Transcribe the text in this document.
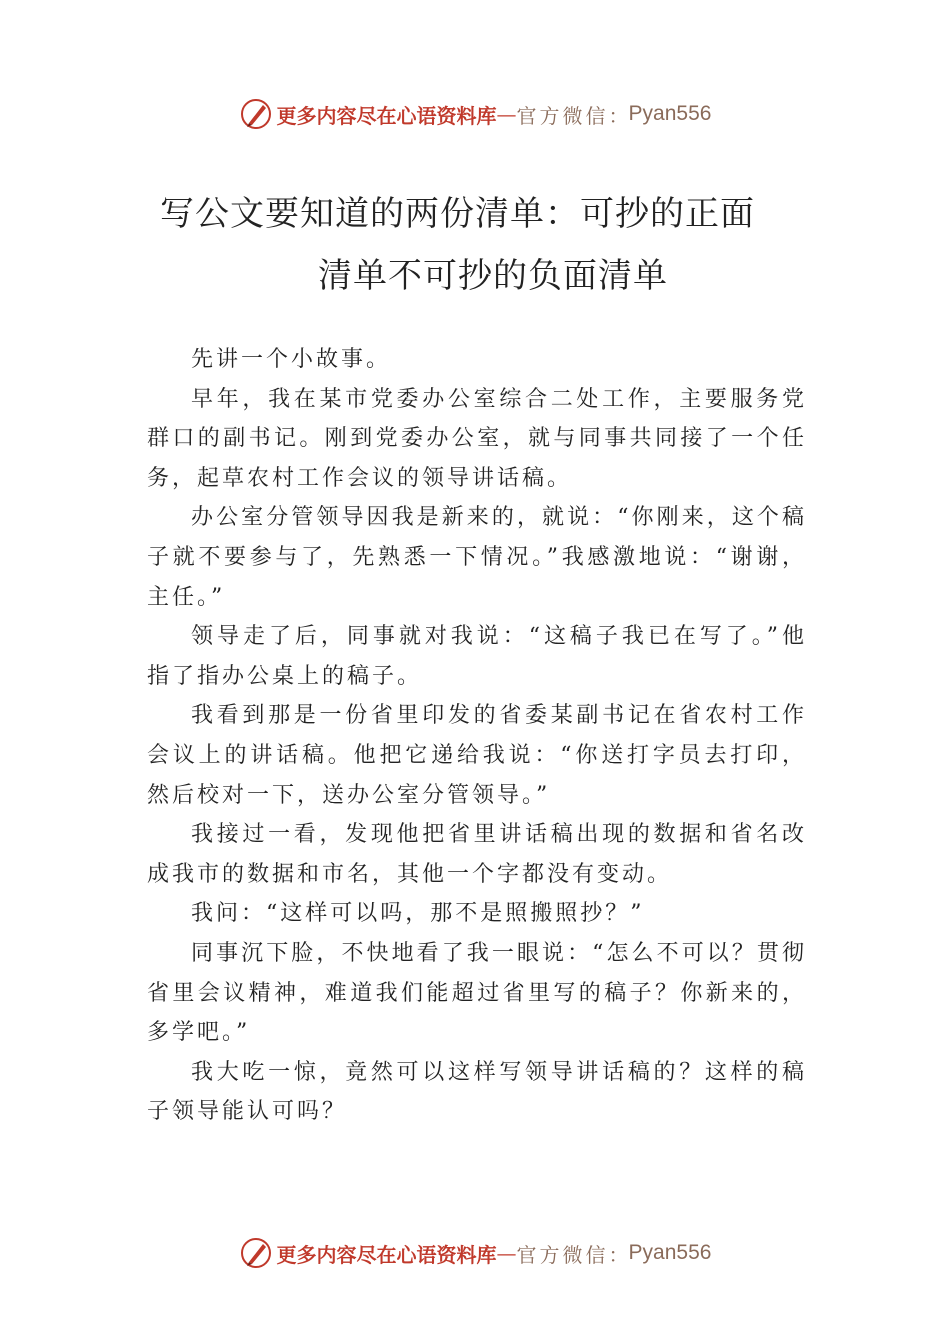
更多内容尽在心语资料库 — 官方微信 ： Pyan556
写公文要知道的两份清单：可抄的正面
清单不可抄的负面清单

先讲一个小故事。

早年，我在某市党委办公室综合二处工作，主要服务党群口的副书记。刚到党委办公室，就与同事共同接了一个任务，起草农村工作会议的领导讲话稿。

办公室分管领导因我是新来的，就说：“你刚来，这个稿子就不要参与了，先熟悉一下情况。”我感激地说：“谢谢，主任。”

领导走了后，同事就对我说：“这稿子我已在写了。”他指了指办公桌上的稿子。

我看到那是一份省里印发的省委某副书记在省农村工作会议上的讲话稿。他把它递给我说：“你送打字员去打印，然后校对一下，送办公室分管领导。”

我接过一看，发现他把省里讲话稿出现的数据和省名改成我市的数据和市名，其他一个字都没有变动。

我问：“这样可以吗，那不是照搬照抄？”

同事沉下脸，不快地看了我一眼说：“怎么不可以？贯彻省里会议精神，难道我们能超过省里写的稿子？你新来的，多学吧。”

我大吃一惊，竟然可以这样写领导讲话稿的？这样的稿子领导能认可吗？

更多内容尽在心语资料库 — 官方微信 ： Pyan556
